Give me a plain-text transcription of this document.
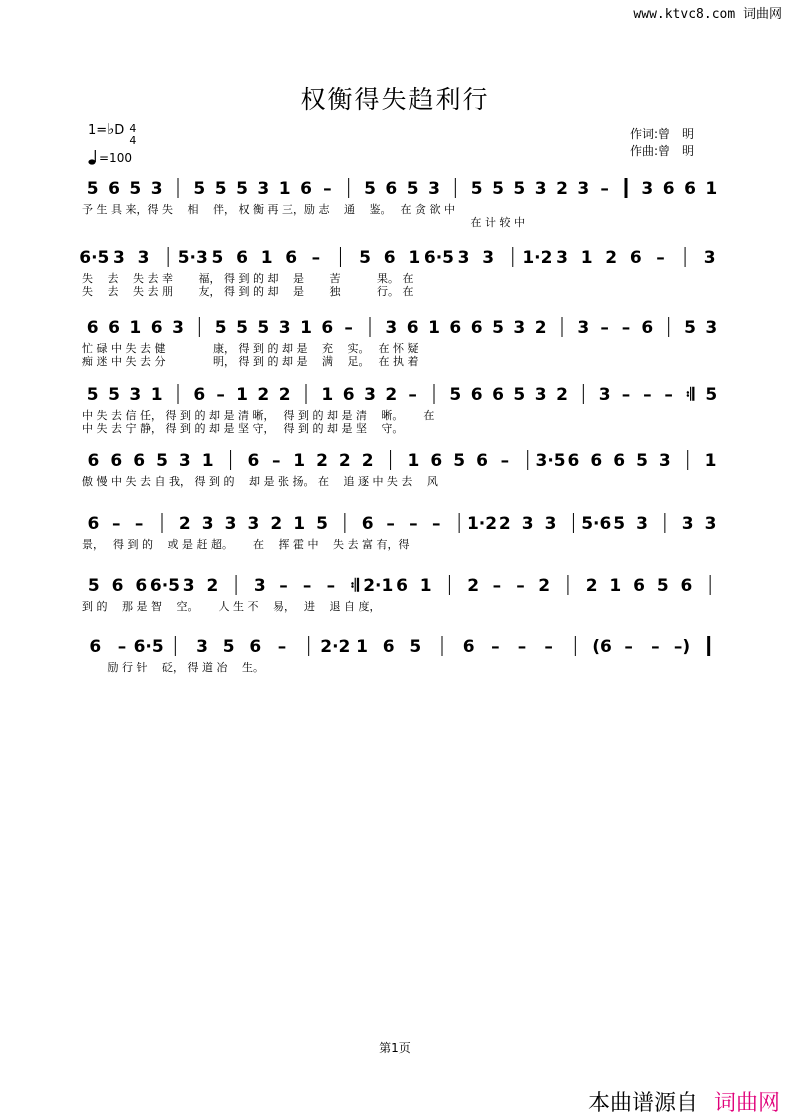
www.ktvc8.com 词曲网
权衡得失趋利行
1=♭D 4
4
=100
作词:曾　明
作曲:曾　明
5 6 5 3 5 5 5 3 1 6 – 5 6 5 3 5 5 5 3 2 3 – 3 6 6 1
予 生 具 来，得 失　 相　 伴， 权 衡 再 三，励 志　 通　 鉴。　 在 贪 欲 中
　　　　　　　　　　　　　　　　　　　　　　　　　　　　　　　　　　　 在 计 较 中
6·5 3 3 5·3 5 6 1 6 – 5 6 1 6·5 3 3 1·2 3 1 2 6 – 3
失　 去　 失 去 幸　　 福， 得 到 的 却　 是　　 苦　　　 果。 在
失　 去　 失 去 朋　　 友， 得 到 的 却　 是　　 独　　　 行。 在
6 6 1 6 3 5 5 5 3 1 6 – 3 6 1 6 6 5 3 2 3 – – 6 5 3
忙 碌 中 失 去 健　　　　 康， 得 到 的 却 是　 充　 实。　 在 怀 疑
痴 迷 中 失 去 分　　　　 明， 得 到 的 却 是　 满　 足。　 在 执 着
5 5 3 1 6 – 1 2 2 1 6 3 2 – 5 6 6 5 3 2 3 – – – 𝄇 5
中 失 去 信 任， 得 到 的 却 是 清 晰，　 得 到 的 却 是 清　 晰。　　 在
中 失 去 宁 静， 得 到 的 却 是 坚 守，　 得 到 的 却 是 坚　 守。
6 6 6 5 3 1 6 – 1 2 2 2 1 6 5 6 – 3·5 6 6 6 5 3 1
傲 慢 中 失 去 自 我， 得 到 的　 却 是 张 扬。 在　 追 逐 中 失 去　 风
6 – – 2 3 3 3 2 1 5 6 – – – 1·2 2 3 3 5·6 5 3 3 3
景，　 得 到 的　 或 是 赶 超。　　 在　 挥 霍 中　 失 去 富 有，得
5 6 6 6·5 3 2 3 – – – 𝄇 2·1 6 1 2 – – 2 2 1 6 5 6
到 的　 那 是 智　 空。　　 人 生 不　 易，　 进　 退 自 度，
6 – 6·5 3 5 6 – 2·2 1 6 5 6 – – – (6 – – –)
　　 励 行 针　 砭， 得 道 冶　 生。
第1页
本曲谱源自 词曲网
